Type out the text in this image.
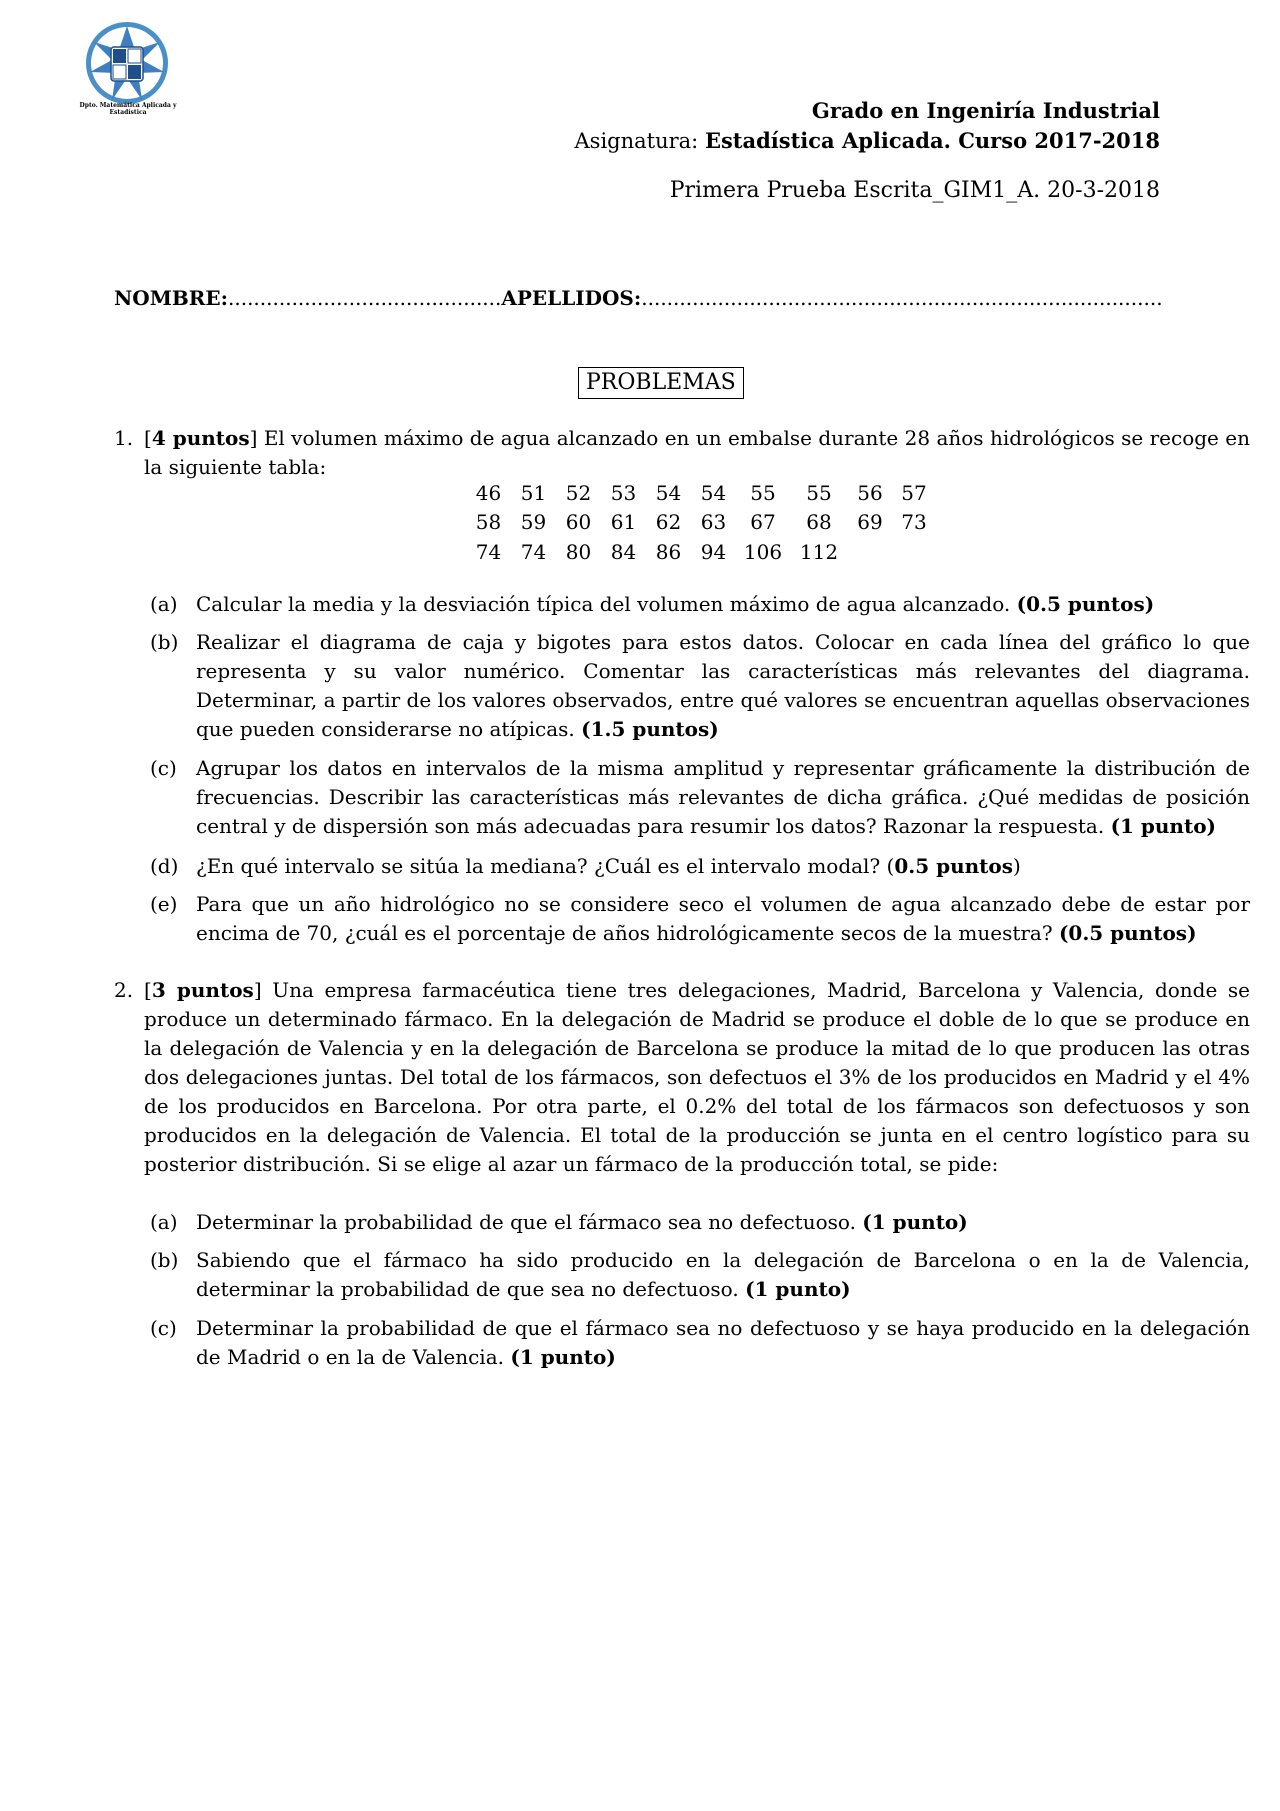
Dpto. Matemática Aplicada y Estadística	Grado en Ingeniría Industrial
Asignatura: Estadística Aplicada. Curso 2017-2018
Primera Prueba Escrita_GIM1_A. 20-3-2018
NOMBRE:...........................................APELLIDOS:..................................................................................
PROBLEMAS
1. [4 puntos] El volumen máximo de agua alcanzado en un embalse durante 28 años hidrológicos se recoge en la siguiente tabla:
46	51	52	53	54	54	55	55	56	57
58	59	60	61	62	63	67	68	69	73
74	74	80	84	86	94	106	112		
(a) Calcular la media y la desviación típica del volumen máximo de agua alcanzado. (0.5 puntos)
(b) Realizar el diagrama de caja y bigotes para estos datos. Colocar en cada línea del gráfico lo que representa y su valor numérico. Comentar las características más relevantes del diagrama. Determinar, a partir de los valores observados, entre qué valores se encuentran aquellas observaciones que pueden considerarse no atípicas. (1.5 puntos)
(c) Agrupar los datos en intervalos de la misma amplitud y representar gráficamente la distribución de frecuencias. Describir las características más relevantes de dicha gráfica. ¿Qué medidas de posición central y de dispersión son más adecuadas para resumir los datos? Razonar la respuesta. (1 punto)
(d) ¿En qué intervalo se sitúa la mediana? ¿Cuál es el intervalo modal? (0.5 puntos)
(e) Para que un año hidrológico no se considere seco el volumen de agua alcanzado debe de estar por encima de 70, ¿cuál es el porcentaje de años hidrológicamente secos de la muestra? (0.5 puntos)
2. [3 puntos] Una empresa farmacéutica tiene tres delegaciones, Madrid, Barcelona y Valencia, donde se produce un determinado fármaco. En la delegación de Madrid se produce el doble de lo que se produce en la delegación de Valencia y en la delegación de Barcelona se produce la mitad de lo que producen las otras dos delegaciones juntas. Del total de los fármacos, son defectuos el 3% de los producidos en Madrid y el 4% de los producidos en Barcelona. Por otra parte, el 0.2% del total de los fármacos son defectuosos y son producidos en la delegación de Valencia. El total de la producción se junta en el centro logístico para su posterior distribución. Si se elige al azar un fármaco de la producción total, se pide:
(a) Determinar la probabilidad de que el fármaco sea no defectuoso. (1 punto)
(b) Sabiendo que el fármaco ha sido producido en la delegación de Barcelona o en la de Valencia, determinar la probabilidad de que sea no defectuoso. (1 punto)
(c) Determinar la probabilidad de que el fármaco sea no defectuoso y se haya producido en la delegación de Madrid o en la de Valencia. (1 punto)
